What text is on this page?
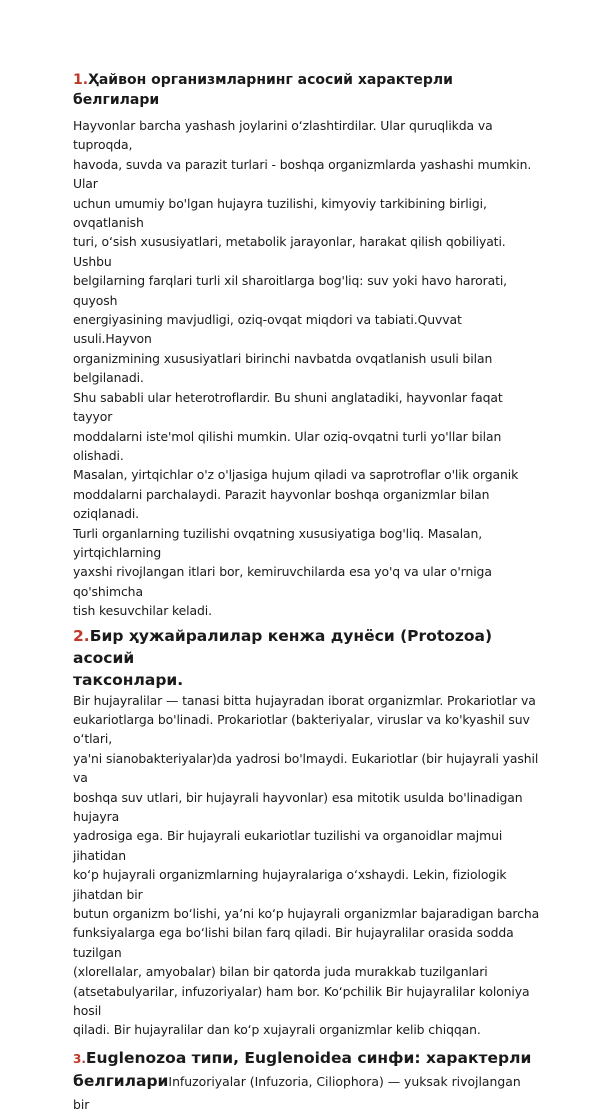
1.Ҳайвон организмларнинг асосий характерли белгилари

Hayvonlar barcha yashash joylarini o‘zlashtirdilar. Ular quruqlikda va tuproqda,
havoda, suvda va parazit turlari - boshqa organizmlarda yashashi mumkin. Ular
uchun umumiy bo'lgan hujayra tuzilishi, kimyoviy tarkibining birligi, ovqatlanish
turi, o‘sish xususiyatlari, metabolik jarayonlar, harakat qilish qobiliyati. Ushbu
belgilarning farqlari turli xil sharoitlarga bog'liq: suv yoki havo harorati, quyosh
energiyasining mavjudligi, oziq-ovqat miqdori va tabiati.Quvvat usuli.Hayvon
organizmining xususiyatlari birinchi navbatda ovqatlanish usuli bilan belgilanadi.
Shu sababli ular heterotroflardir. Bu shuni anglatadiki, hayvonlar faqat tayyor
moddalarni iste'mol qilishi mumkin. Ular oziq-ovqatni turli yo'llar bilan olishadi.
Masalan, yirtqichlar o'z o'ljasiga hujum qiladi va saprotroflar o'lik organik
moddalarni parchalaydi. Parazit hayvonlar boshqa organizmlar bilan oziqlanadi.
Turli organlarning tuzilishi ovqatning xususiyatiga bog'liq. Masalan, yirtqichlarning
yaxshi rivojlangan itlari bor, kemiruvchilarda esa yo'q va ular o'rniga qo'shimcha
tish kesuvchilar keladi.

2.Бир ҳужайралилар кенжа дунёси (Protozoa) асосий
таксонлари.

Bir hujayralilar — tanasi bitta hujayradan iborat organizmlar. Prokariotlar va
eukariotlarga bo'linadi. Prokariotlar (bakteriyalar, viruslar va ko'kyashil suv o‘tlari,
ya'ni sianobakteriyalar)da yadrosi bo'lmaydi. Eukariotlar (bir hujayrali yashil va
boshqa suv utlari, bir hujayrali hayvonlar) esa mitotik usulda bo'linadigan hujayra
yadrosiga ega. Bir hujayrali eukariotlar tuzilishi va organoidlar majmui jihatidan
koʻp hujayrali organizmlarning hujayralariga oʻxshaydi. Lekin, fiziologik jihatdan bir
butun organizm boʻlishi, yaʼni koʻp hujayrali organizmlar bajaradigan barcha
funksiyalarga ega boʻlishi bilan farq qiladi. Bir hujayralilar orasida sodda tuzilgan
(xlorellalar, amyobalar) bilan bir qatorda juda murakkab tuzilganlari
(atsetabulyarilar, infuzoriyalar) ham bor. Koʻpchilik Bir hujayralilar koloniya hosil
qiladi. Bir hujayralilar dan koʻp xujayrali organizmlar kelib chiqqan.

3.Euglenozoa типи, Euglenoidea синфи: характерли
белгилариInfuzoriyalar (Infuzoria, Ciliophora) — yuksak rivojlangan bir
